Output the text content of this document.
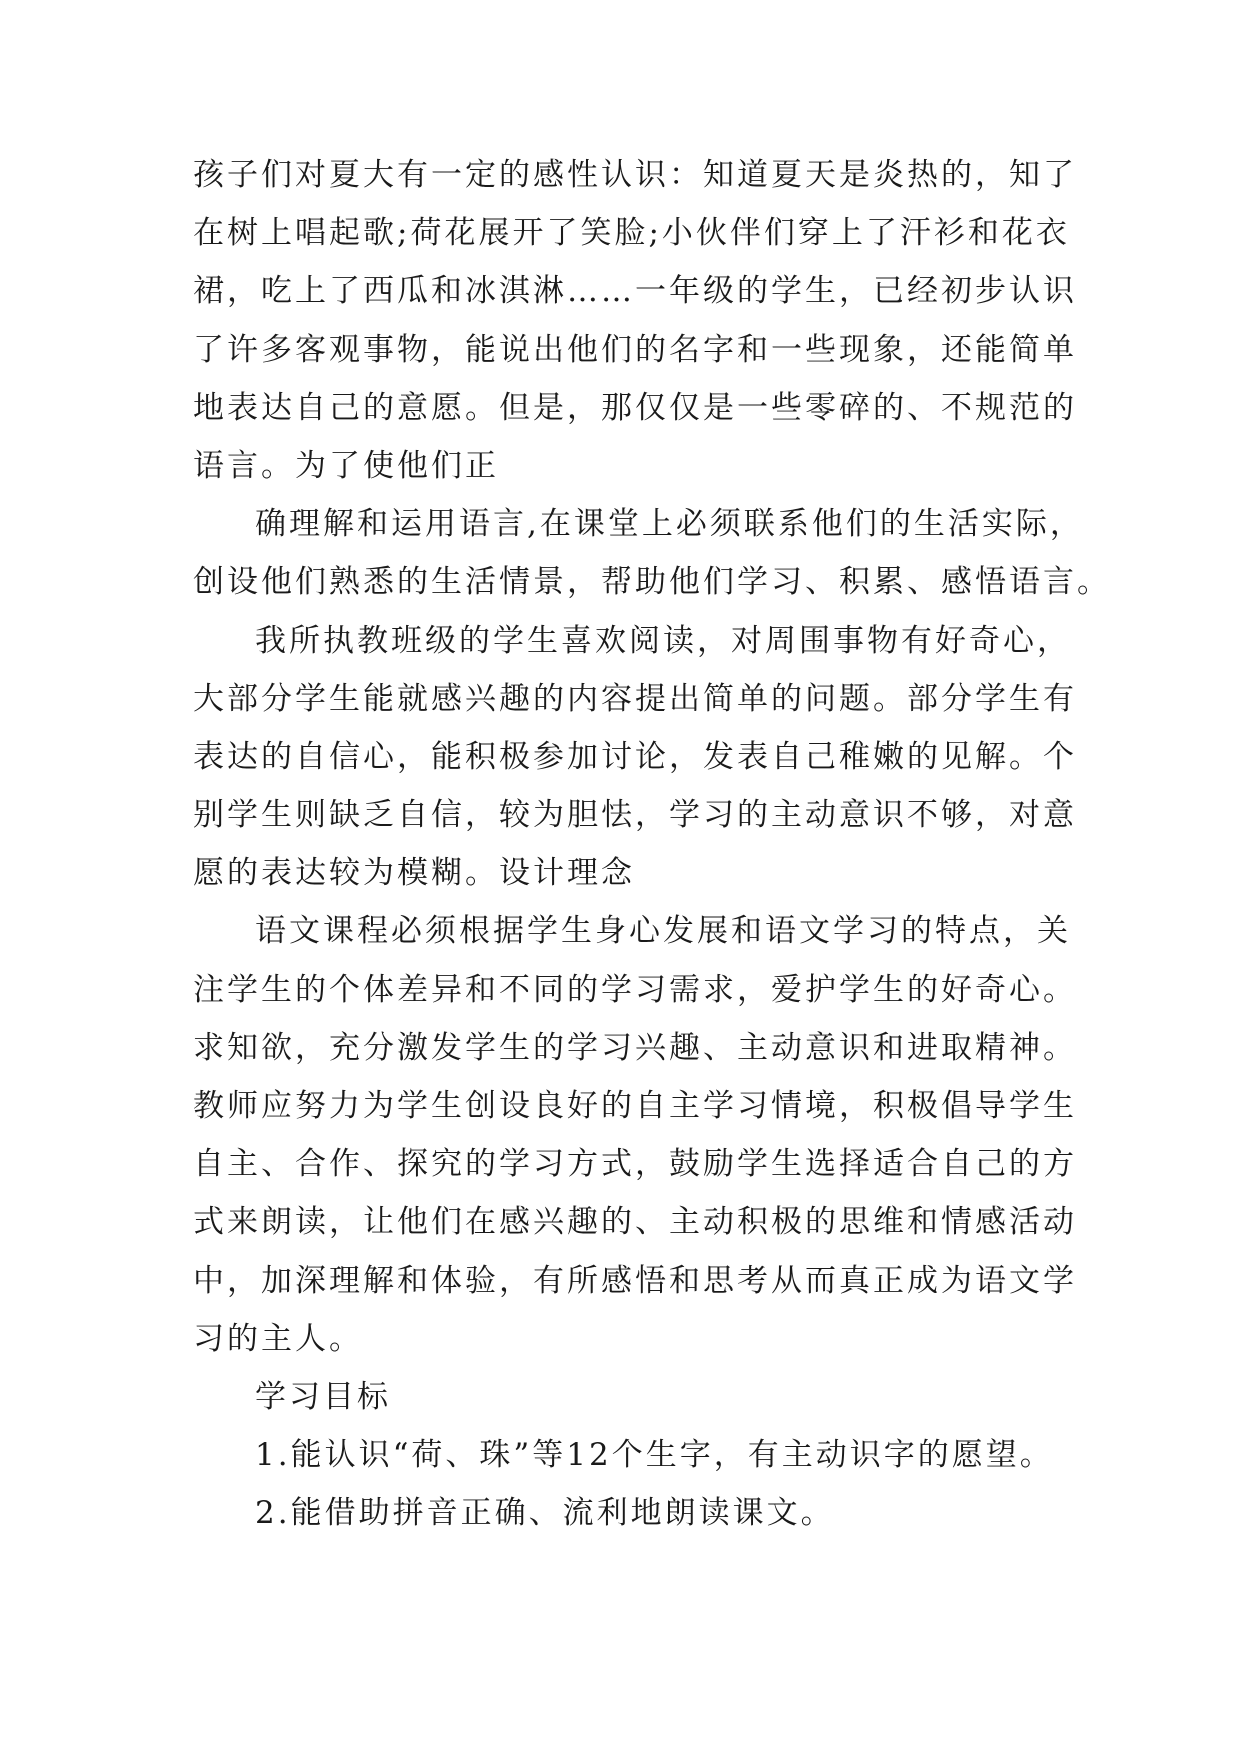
孩子们对夏大有一定的感性认识：知道夏天是炎热的，知了
在树上唱起歌;荷花展开了笑脸;小伙伴们穿上了汗衫和花衣
裙，吃上了西瓜和冰淇淋……一年级的学生，已经初步认识
了许多客观事物，能说出他们的名字和一些现象，还能简单
地表达自己的意愿。但是，那仅仅是一些零碎的、不规范的
语言。为了使他们正
确理解和运用语言,在课堂上必须联系他们的生活实际，
创设他们熟悉的生活情景，帮助他们学习、积累、感悟语言。
我所执教班级的学生喜欢阅读，对周围事物有好奇心，
大部分学生能就感兴趣的内容提出简单的问题。部分学生有
表达的自信心，能积极参加讨论，发表自己稚嫩的见解。个
别学生则缺乏自信，较为胆怯，学习的主动意识不够，对意
愿的表达较为模糊。设计理念
语文课程必须根据学生身心发展和语文学习的特点，关
注学生的个体差异和不同的学习需求，爱护学生的好奇心。
求知欲，充分激发学生的学习兴趣、主动意识和进取精神。
教师应努力为学生创设良好的自主学习情境，积极倡导学生
自主、合作、探究的学习方式，鼓励学生选择适合自己的方
式来朗读，让他们在感兴趣的、主动积极的思维和情感活动
中，加深理解和体验，有所感悟和思考从而真正成为语文学
习的主人。
学习目标
1.能认识“荷、珠”等12个生字，有主动识字的愿望。
2.能借助拼音正确、流利地朗读课文。
